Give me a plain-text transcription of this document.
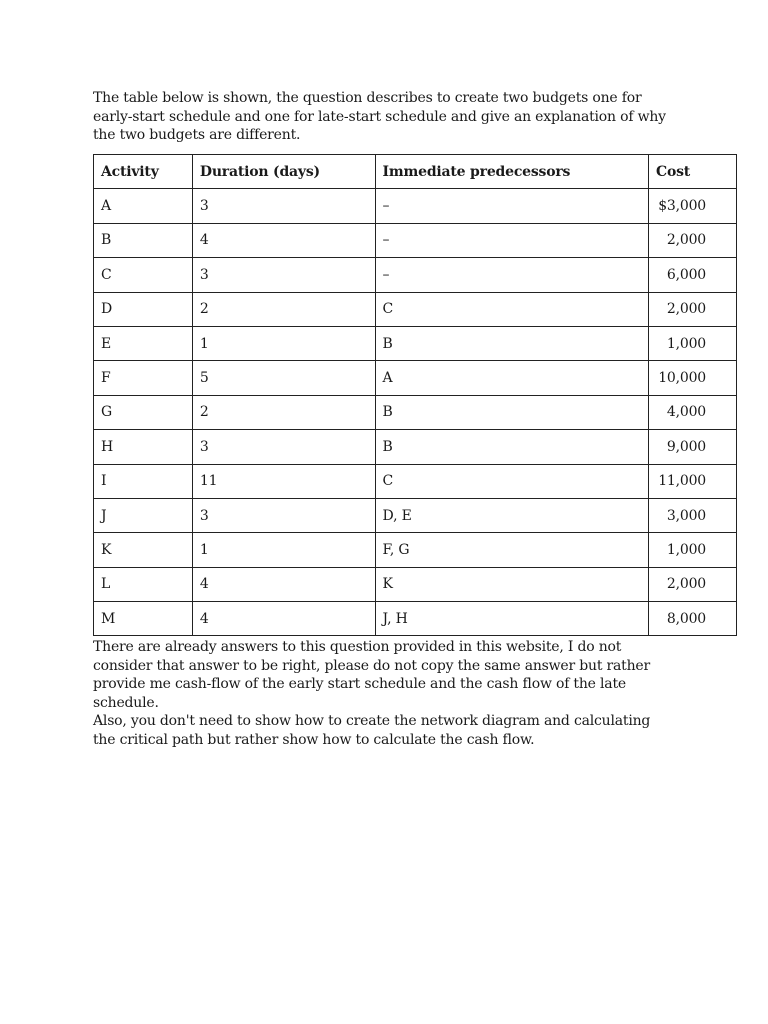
The table below is shown, the question describes to create two budgets one for
early-start schedule and one for late-start schedule and give an explanation of why
the two budgets are different.

Activity	Duration (days)	Immediate predecessors	Cost
A	3	–	$3,000
B	4	–	2,000
C	3	–	6,000
D	2	C	2,000
E	1	B	1,000
F	5	A	10,000
G	2	B	4,000
H	3	B	9,000
I	11	C	11,000
J	3	D, E	3,000
K	1	F, G	1,000
L	4	K	2,000
M	4	J, H	8,000

There are already answers to this question provided in this website, I do not
consider that answer to be right, please do not copy the same answer but rather
provide me cash-flow of the early start schedule and the cash flow of the late
schedule.
Also, you don't need to show how to create the network diagram and calculating
the critical path but rather show how to calculate the cash flow.
